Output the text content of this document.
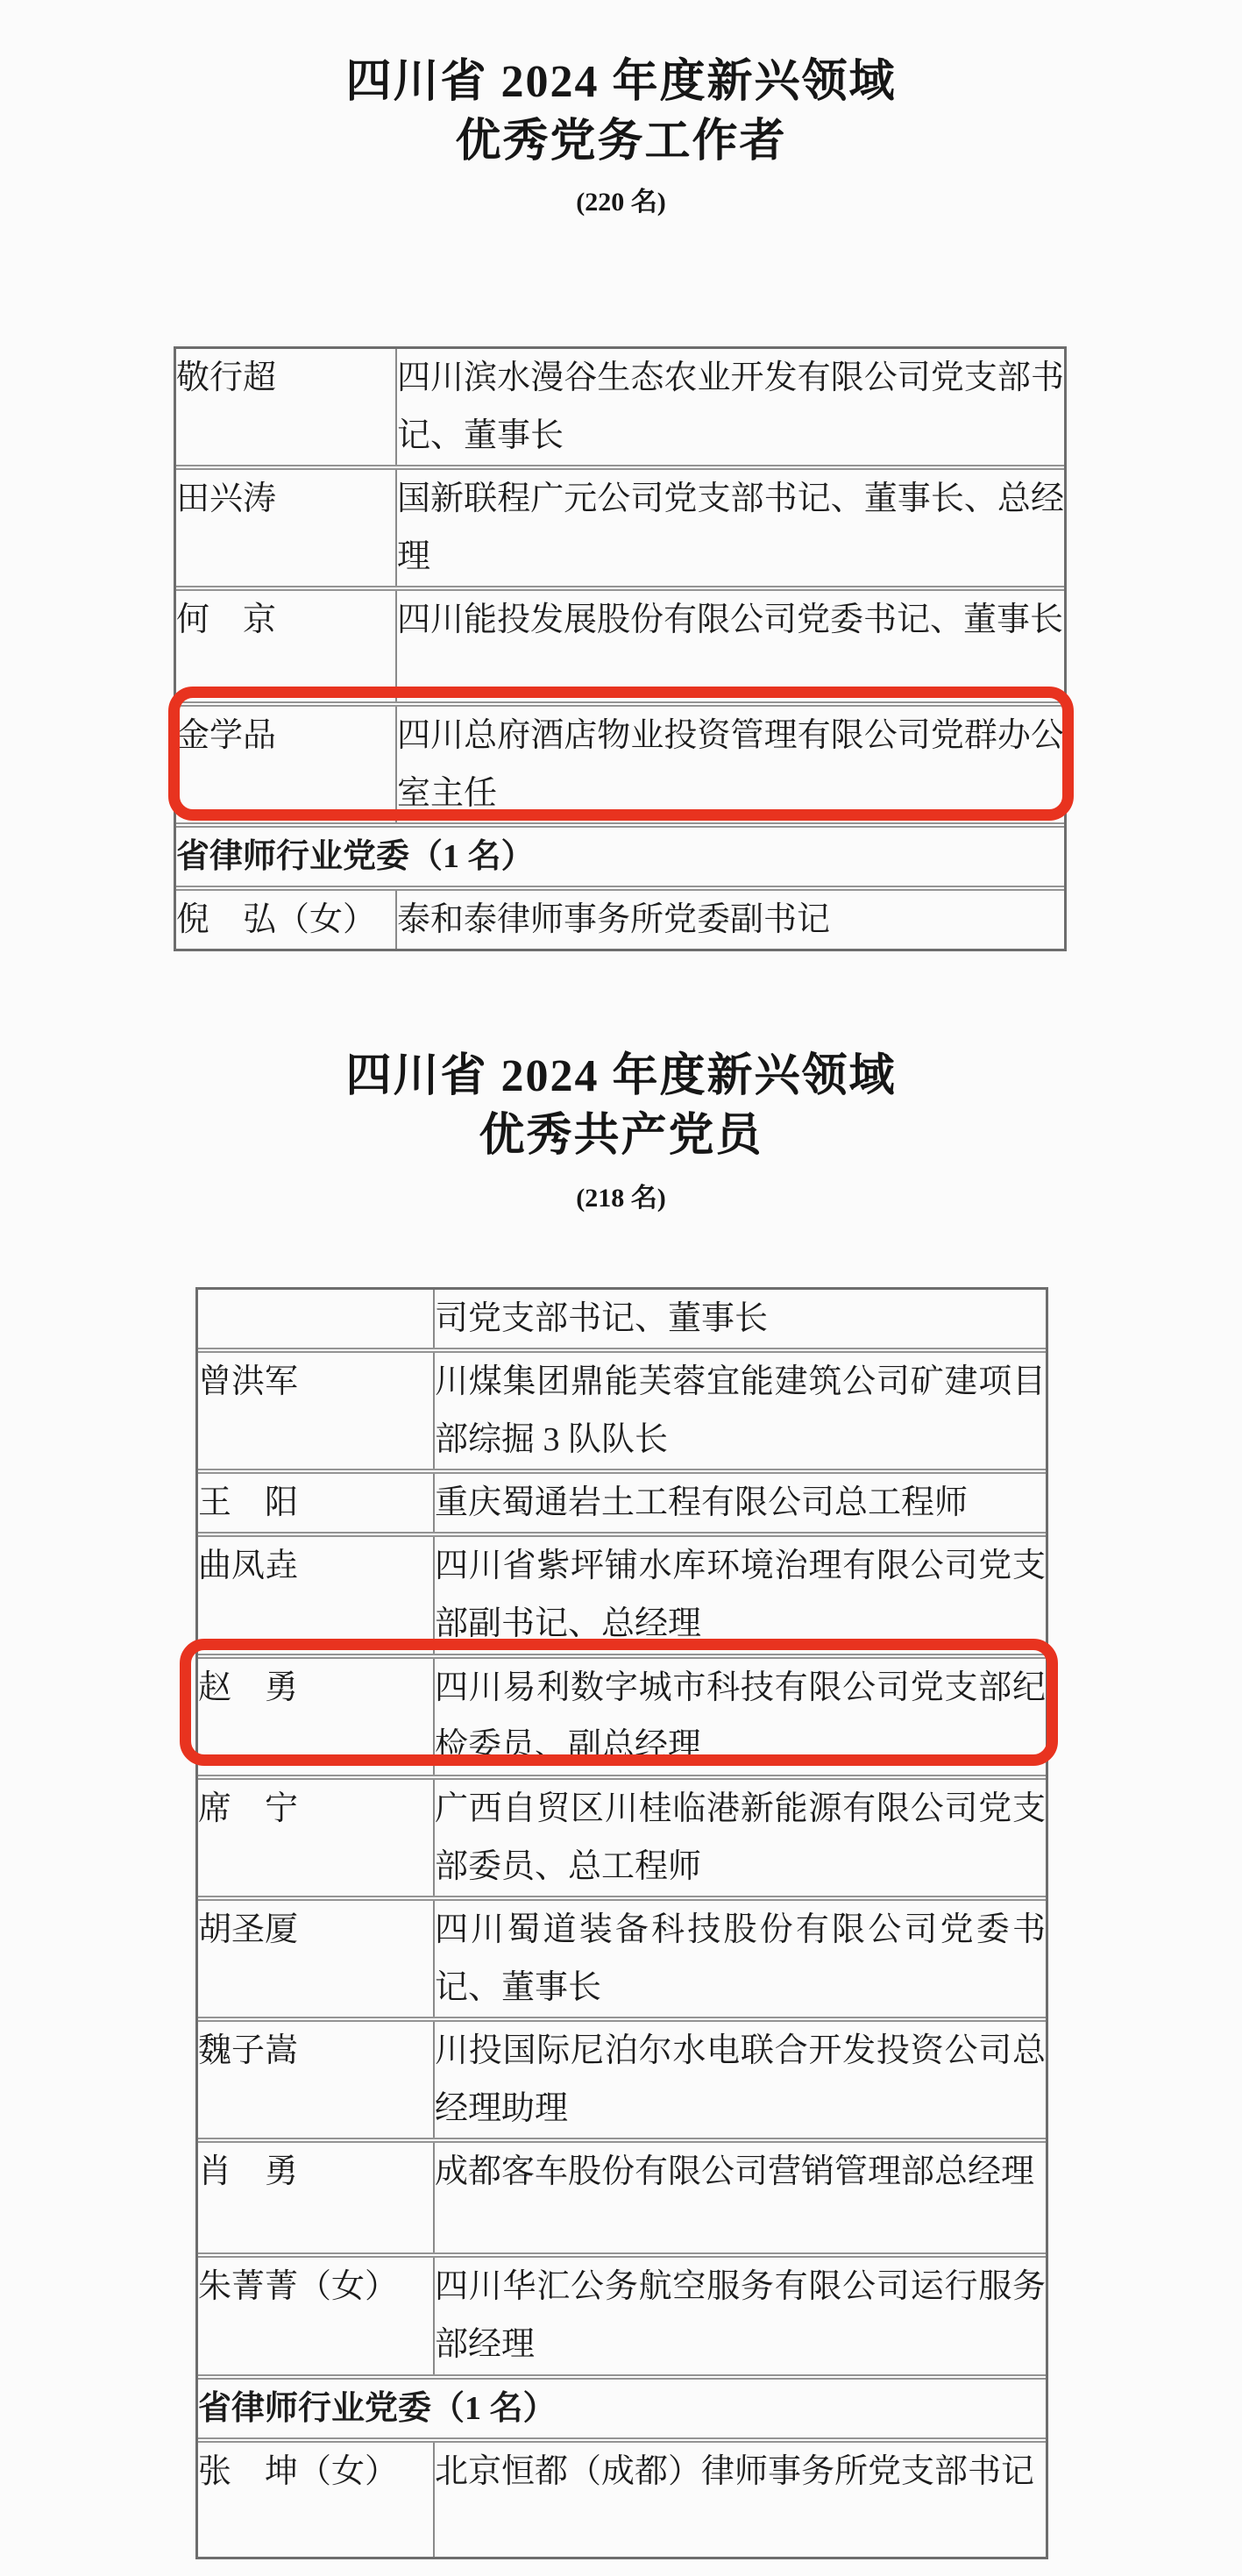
四川省 2024 年度新兴领域
优秀党务工作者
(220 名)
敬行超	四川滨水漫谷生态农业开发有限公司党支部书记、董事长
田兴涛	国新联程广元公司党支部书记、董事长、总经理
何　京	四川能投发展股份有限公司党委书记、董事长
金学品	四川总府酒店物业投资管理有限公司党群办公室主任
省律师行业党委（1 名）	
倪　弘（女）	泰和泰律师事务所党委副书记
四川省 2024 年度新兴领域
优秀共产党员
(218 名)
	司党支部书记、董事长
曾洪军	川煤集团鼎能芙蓉宜能建筑公司矿建项目部综掘 3 队队长
王　阳	重庆蜀通岩土工程有限公司总工程师
曲凤垚	四川省紫坪铺水库环境治理有限公司党支部副书记、总经理
赵　勇	四川易利数字城市科技有限公司党支部纪检委员、副总经理
席　宁	广西自贸区川桂临港新能源有限公司党支部委员、总工程师
胡圣厦	四川蜀道装备科技股份有限公司党委书记、董事长
魏子嵩	川投国际尼泊尔水电联合开发投资公司总经理助理
肖　勇	成都客车股份有限公司营销管理部总经理
朱菁菁（女）	四川华汇公务航空服务有限公司运行服务部经理
省律师行业党委（1 名）	
张　坤（女）	北京恒都（成都）律师事务所党支部书记
